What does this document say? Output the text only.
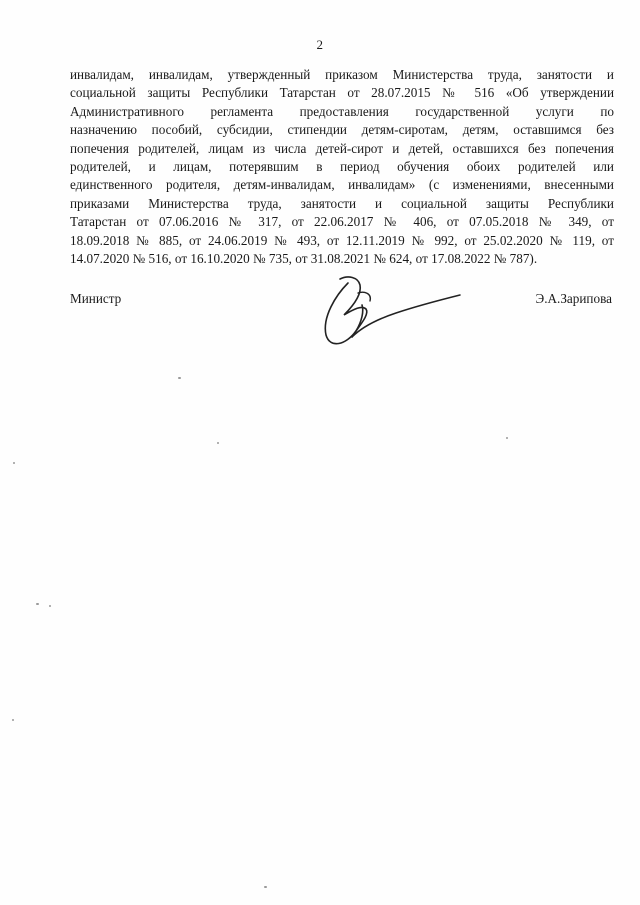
2
инвалидам, инвалидам, утвержденный приказом Министерства труда, занятости и
социальной защиты Республики Татарстан от 28.07.2015 № 516 «Об утверждении
Административного регламента предоставления государственной услуги по
назначению пособий, субсидии, стипендии детям-сиротам, детям, оставшимся без
попечения родителей, лицам из числа детей-сирот и детей, оставшихся без попечения
родителей, и лицам, потерявшим в период обучения обоих родителей или
единственного родителя, детям-инвалидам, инвалидам» (с изменениями, внесенными
приказами Министерства труда, занятости и социальной защиты Республики
Татарстан от 07.06.2016 № 317, от 22.06.2017 № 406, от 07.05.2018 № 349, от
18.09.2018 № 885, от 24.06.2019 № 493, от 12.11.2019 № 992, от 25.02.2020 № 119, от
14.07.2020 № 516, от 16.10.2020 № 735, от 31.08.2021 № 624, от 17.08.2022 № 787).
Министр	Э.А.Зарипова
